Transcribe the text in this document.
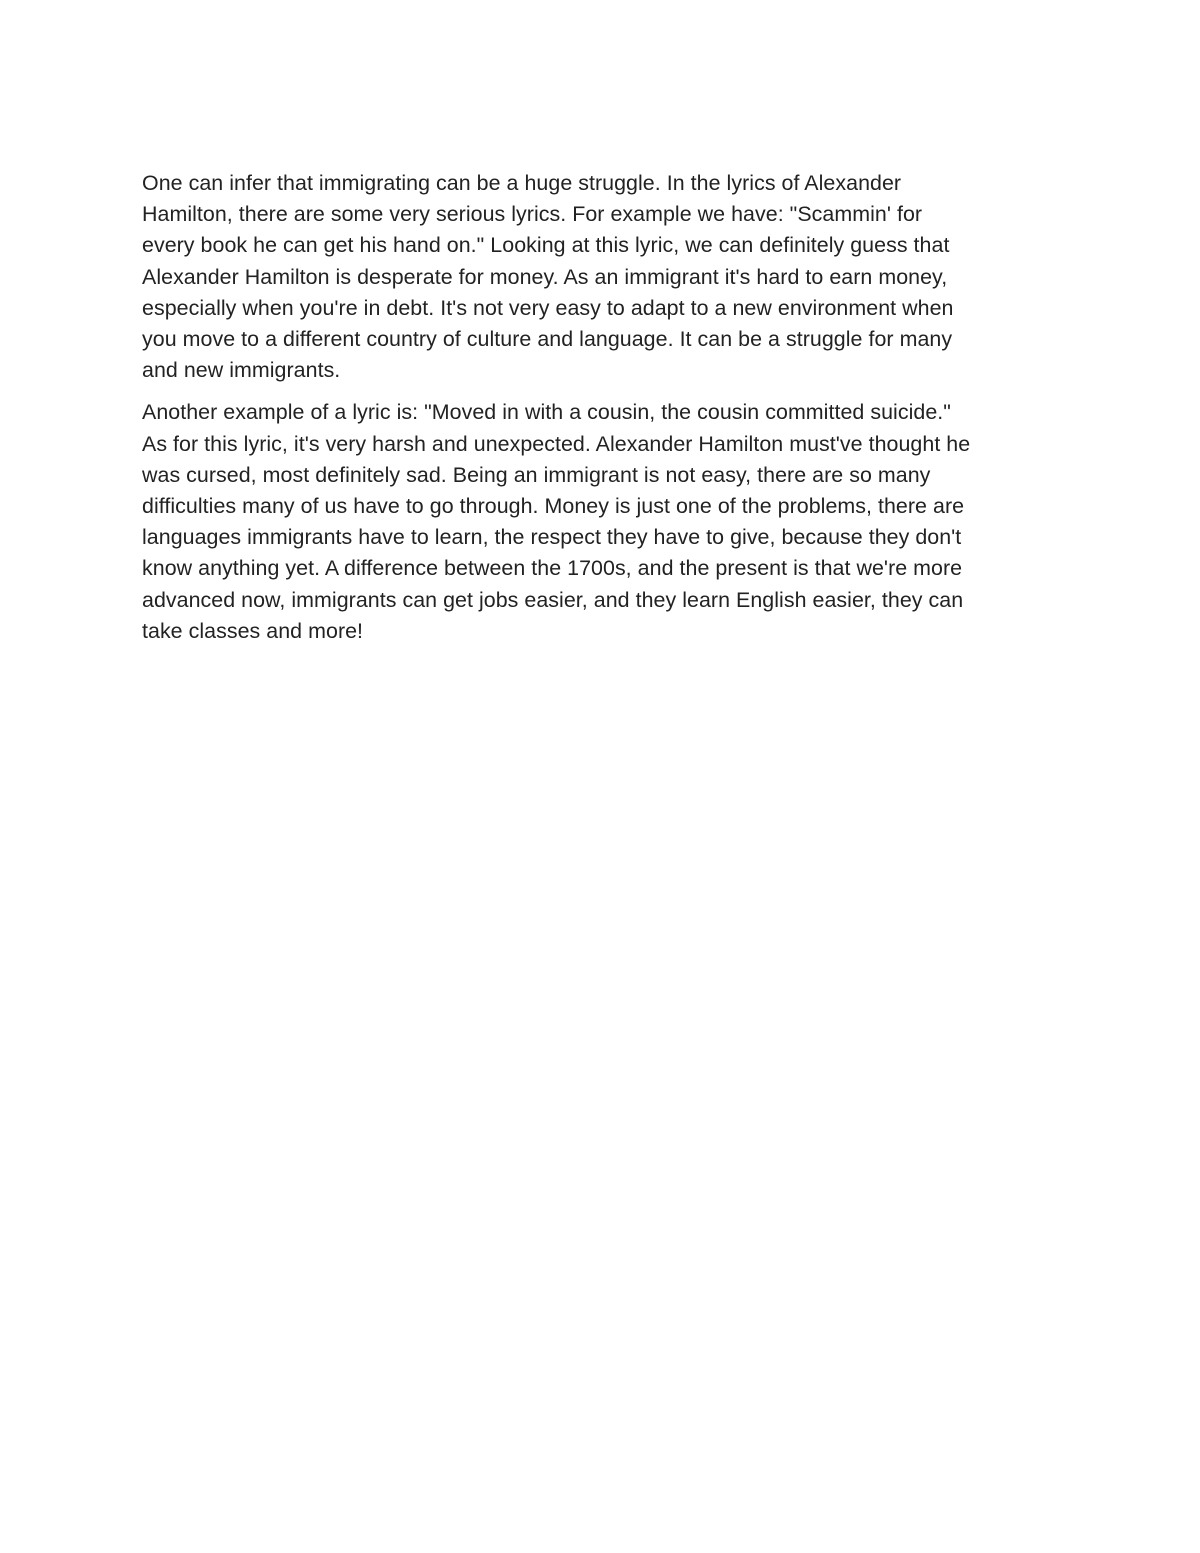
One can infer that immigrating can be a huge struggle. In the lyrics of Alexander
Hamilton, there are some very serious lyrics. For example we have: "Scammin' for
every book he can get his hand on." Looking at this lyric, we can definitely guess that
Alexander Hamilton is desperate for money. As an immigrant it's hard to earn money,
especially when you're in debt. It's not very easy to adapt to a new environment when
you move to a different country of culture and language. It can be a struggle for many
and new immigrants.

Another example of a lyric is: "Moved in with a cousin, the cousin committed suicide."
As for this lyric, it's very harsh and unexpected. Alexander Hamilton must've thought he
was cursed, most definitely sad. Being an immigrant is not easy, there are so many
difficulties many of us have to go through. Money is just one of the problems, there are
languages immigrants have to learn, the respect they have to give, because they don't
know anything yet. A difference between the 1700s, and the present is that we're more
advanced now, immigrants can get jobs easier, and they learn English easier, they can
take classes and more!
